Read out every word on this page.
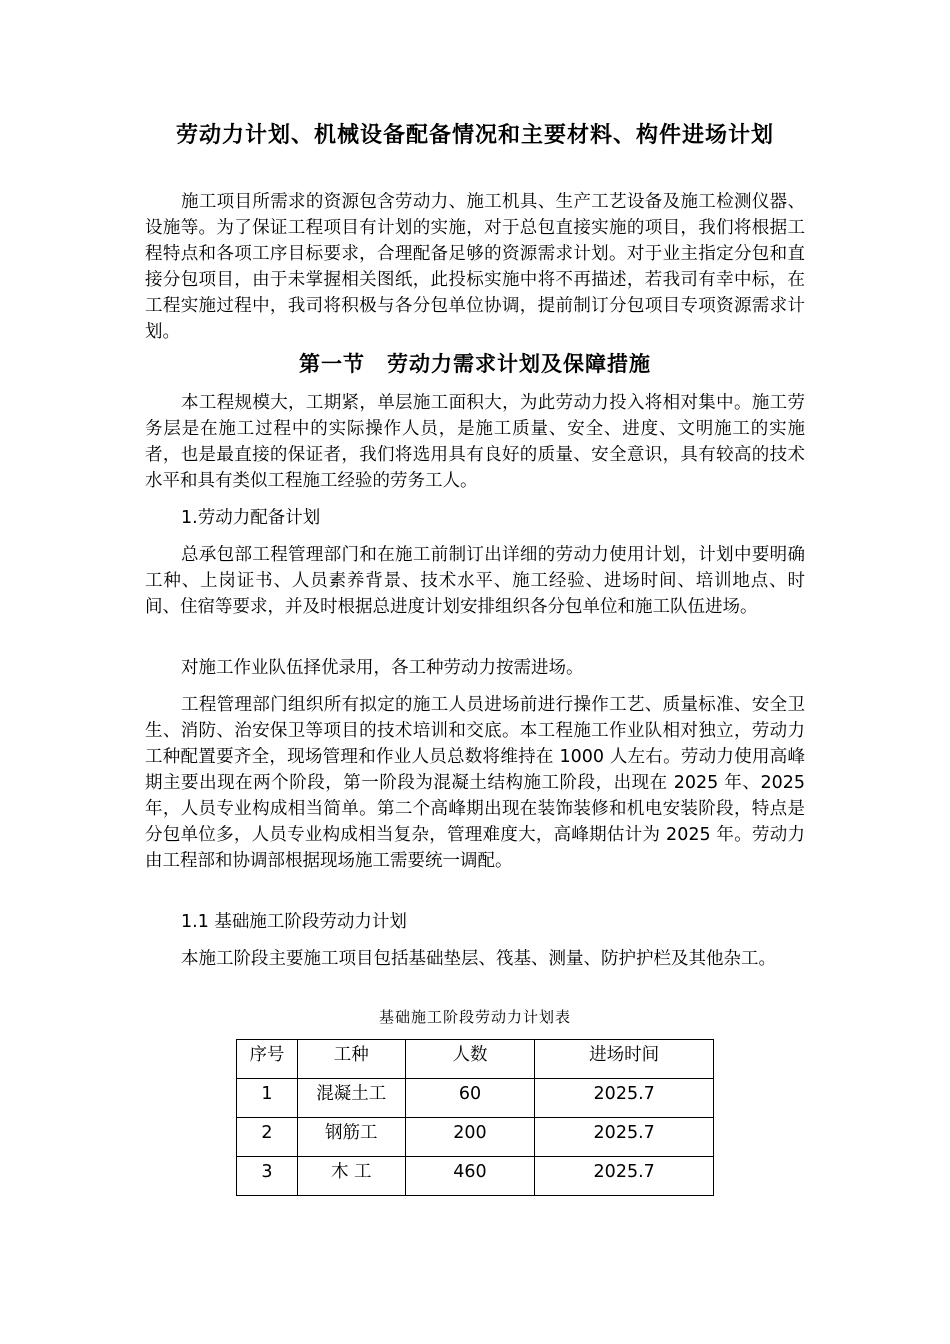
劳动力计划、机械设备配备情况和主要材料、构件进场计划

施工项目所需求的资源包含劳动力、施工机具、生产工艺设备及施工检测仪器、设施等。为了保证工程项目有计划的实施，对于总包直接实施的项目，我们将根据工程特点和各项工序目标要求，合理配备足够的资源需求计划。对于业主指定分包和直接分包项目，由于未掌握相关图纸，此投标实施中将不再描述，若我司有幸中标，在工程实施过程中，我司将积极与各分包单位协调，提前制订分包项目专项资源需求计划。

第一节　劳动力需求计划及保障措施

本工程规模大，工期紧，单层施工面积大，为此劳动力投入将相对集中。施工劳务层是在施工过程中的实际操作人员，是施工质量、安全、进度、文明施工的实施者，也是最直接的保证者，我们将选用具有良好的质量、安全意识，具有较高的技术水平和具有类似工程施工经验的劳务工人。

1.劳动力配备计划

总承包部工程管理部门和在施工前制订出详细的劳动力使用计划，计划中要明确工种、上岗证书、人员素养背景、技术水平、施工经验、进场时间、培训地点、时间、住宿等要求，并及时根据总进度计划安排组织各分包单位和施工队伍进场。

对施工作业队伍择优录用，各工种劳动力按需进场。

工程管理部门组织所有拟定的施工人员进场前进行操作工艺、质量标准、安全卫生、消防、治安保卫等项目的技术培训和交底。本工程施工作业队相对独立，劳动力工种配置要齐全，现场管理和作业人员总数将维持在 1000 人左右。劳动力使用高峰期主要出现在两个阶段，第一阶段为混凝土结构施工阶段，出现在 2025 年、2025 年，人员专业构成相当简单。第二个高峰期出现在装饰装修和机电安装阶段，特点是分包单位多，人员专业构成相当复杂，管理难度大，高峰期估计为 2025 年。劳动力由工程部和协调部根据现场施工需要统一调配。

1.1 基础施工阶段劳动力计划

本施工阶段主要施工项目包括基础垫层、筏基、测量、防护护栏及其他杂工。

基础施工阶段劳动力计划表
序号	工种	人数	进场时间
1	混凝土工	60	2025.7
2	钢筋工	200	2025.7
3	木 工	460	2025.7
